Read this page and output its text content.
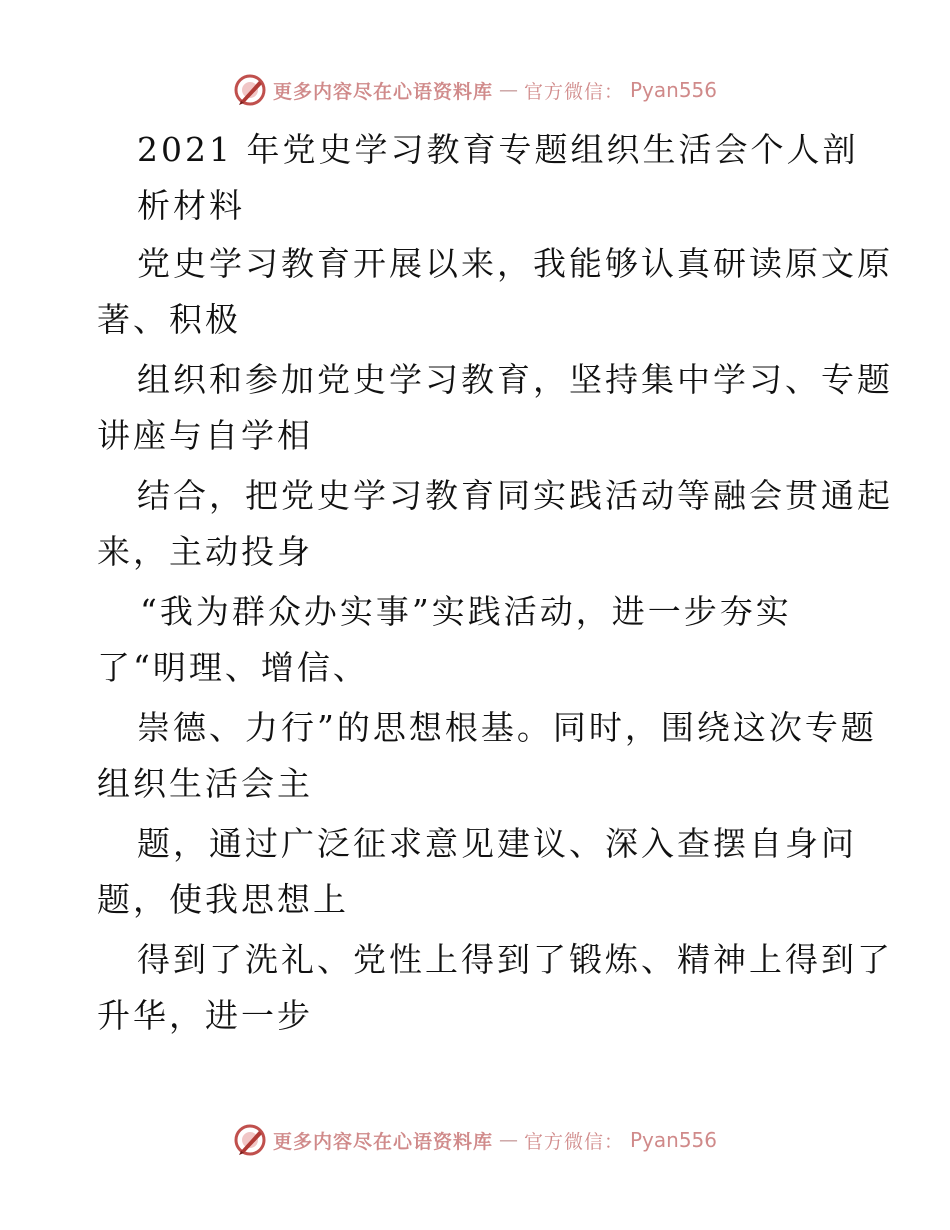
更多内容尽在心语资料库 — 官方微信： Pyan556
2021 年党史学习教育专题组织生活会个人剖
析材料
党史学习教育开展以来，我能够认真研读原文原
著、积极
组织和参加党史学习教育，坚持集中学习、专题
讲座与自学相
结合，把党史学习教育同实践活动等融会贯通起
来，主动投身
“我为群众办实事”实践活动，进一步夯实
了“明理、增信、
崇德、力行”的思想根基。同时，围绕这次专题
组织生活会主
题，通过广泛征求意见建议、深入查摆自身问
题，使我思想上
得到了洗礼、党性上得到了锻炼、精神上得到了
升华，进一步
更多内容尽在心语资料库 — 官方微信： Pyan556
